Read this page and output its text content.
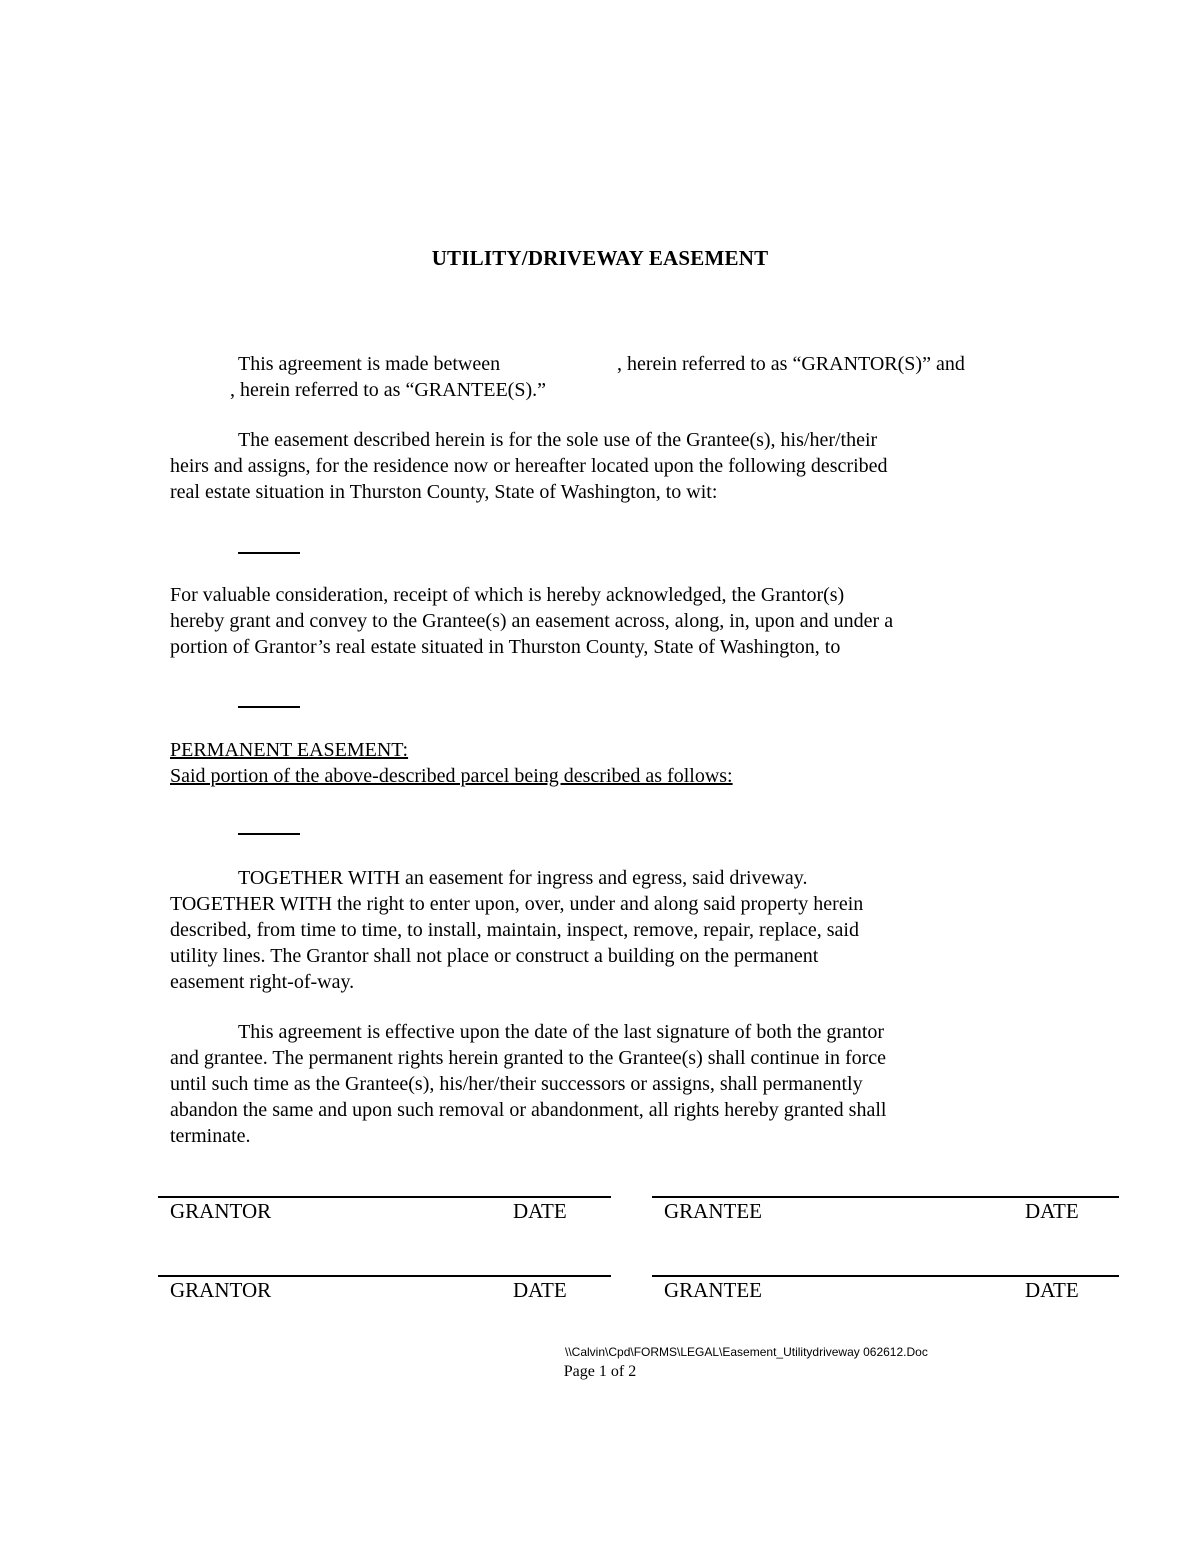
UTILITY/DRIVEWAY EASEMENT
This agreement is made between	, herein referred to as “GRANTOR(S)” and
, herein referred to as “GRANTEE(S).”
The easement described herein is for the sole use of the Grantee(s), his/her/their
heirs and assigns, for the residence now or hereafter located upon the following described
real estate situation in Thurston County, State of Washington, to wit:
For valuable consideration, receipt of which is hereby acknowledged, the Grantor(s)
hereby grant and convey to the Grantee(s) an easement across, along, in, upon and under a
portion of Grantor’s real estate situated in Thurston County, State of Washington, to
PERMANENT EASEMENT:
Said portion of the above-described parcel being described as follows:
TOGETHER WITH an easement for ingress and egress, said driveway.
TOGETHER WITH the right to enter upon, over, under and along said property herein
described, from time to time, to install, maintain, inspect, remove, repair, replace, said
utility lines. The Grantor shall not place or construct a building on the permanent
easement right-of-way.
This agreement is effective upon the date of the last signature of both the grantor
and grantee. The permanent rights herein granted to the Grantee(s) shall continue in force
until such time as the Grantee(s), his/her/their successors or assigns, shall permanently
abandon the same and upon such removal or abandonment, all rights hereby granted shall
terminate.
GRANTOR	DATE	GRANTEE	DATE
GRANTOR	DATE	GRANTEE	DATE
\\Calvin\Cpd\FORMS\LEGAL\Easement_Utilitydriveway 062612.Doc
Page 1 of 2
